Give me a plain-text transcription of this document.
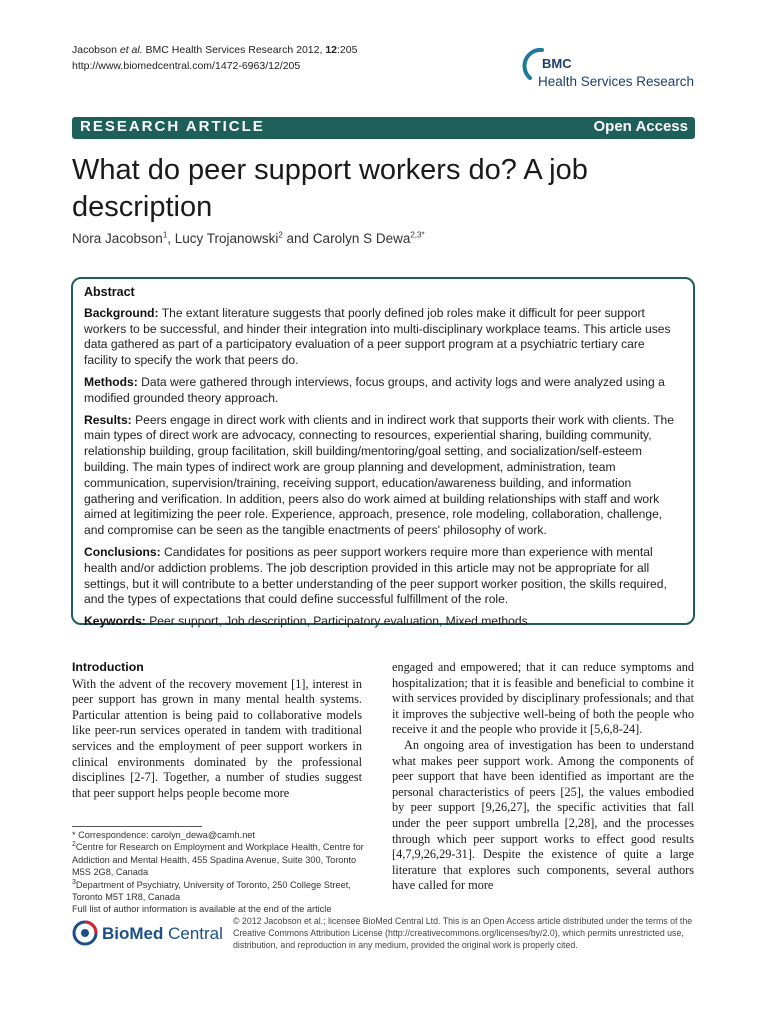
Jacobson et al. BMC Health Services Research 2012, 12:205
http://www.biomedcentral.com/1472-6963/12/205	BMC
Health Services Research
RESEARCH ARTICLE	Open Access
What do peer support workers do? A job description
Nora Jacobson$^1$, Lucy Trojanowski$^2$ and Carolyn S Dewa$^{2,3*}$
Abstract

Background: The extant literature suggests that poorly defined job roles make it difficult for peer support workers to be successful, and hinder their integration into multi-disciplinary workplace teams. This article uses data gathered as part of a participatory evaluation of a peer support program at a psychiatric tertiary care facility to specify the work that peers do.

Methods: Data were gathered through interviews, focus groups, and activity logs and were analyzed using a modified grounded theory approach.

Results: Peers engage in direct work with clients and in indirect work that supports their work with clients. The main types of direct work are advocacy, connecting to resources, experiential sharing, building community, relationship building, group facilitation, skill building/mentoring/goal setting, and socialization/self-esteem building. The main types of indirect work are group planning and development, administration, team communication, supervision/training, receiving support, education/awareness building, and information gathering and verification. In addition, peers also do work aimed at building relationships with staff and work aimed at legitimizing the peer role. Experience, approach, presence, role modeling, collaboration, challenge, and compromise can be seen as the tangible enactments of peers' philosophy of work.

Conclusions: Candidates for positions as peer support workers require more than experience with mental health and/or addiction problems. The job description provided in this article may not be appropriate for all settings, but it will contribute to a better understanding of the peer support worker position, the skills required, and the types of expectations that could define successful fulfillment of the role.

Keywords: Peer support, Job description, Participatory evaluation, Mixed methods

Introduction

With the advent of the recovery movement [1], interest in peer support has grown in many mental health systems. Particular attention is being paid to collaborative models like peer-run services operated in tandem with traditional services and the employment of peer support workers in clinical environments dominated by the professional disciplines [2-7]. Together, a number of studies suggest that peer support helps people become more

engaged and empowered; that it can reduce symptoms and hospitalization; that it is feasible and beneficial to combine it with services provided by disciplinary professionals; and that it improves the subjective well-being of both the people who receive it and the people who provide it [5,6,8-24].

An ongoing area of investigation has been to understand what makes peer support work. Among the components of peer support that have been identified as important are the personal characteristics of peers [25], the values embodied by peer support [9,26,27], the specific activities that fall under the peer support umbrella [2,28], and the processes through which peer support works to effect good results [4,7,9,26,29-31]. Despite the existence of quite a large literature that explores such components, several authors have called for more

* Correspondence: carolyn_dewa@camh.net

$^2$Centre for Research on Employment and Workplace Health, Centre for Addiction and Mental Health, 455 Spadina Avenue, Suite 300, Toronto M5S 2G8, Canada

$^3$Department of Psychiatry, University of Toronto, 250 College Street, Toronto M5T 1R8, Canada

Full list of author information is available at the end of the article

BioMed Central
© 2012 Jacobson et al.; licensee BioMed Central Ltd. This is an Open Access article distributed under the terms of the Creative Commons Attribution License (http://creativecommons.org/licenses/by/2.0), which permits unrestricted use, distribution, and reproduction in any medium, provided the original work is properly cited.
